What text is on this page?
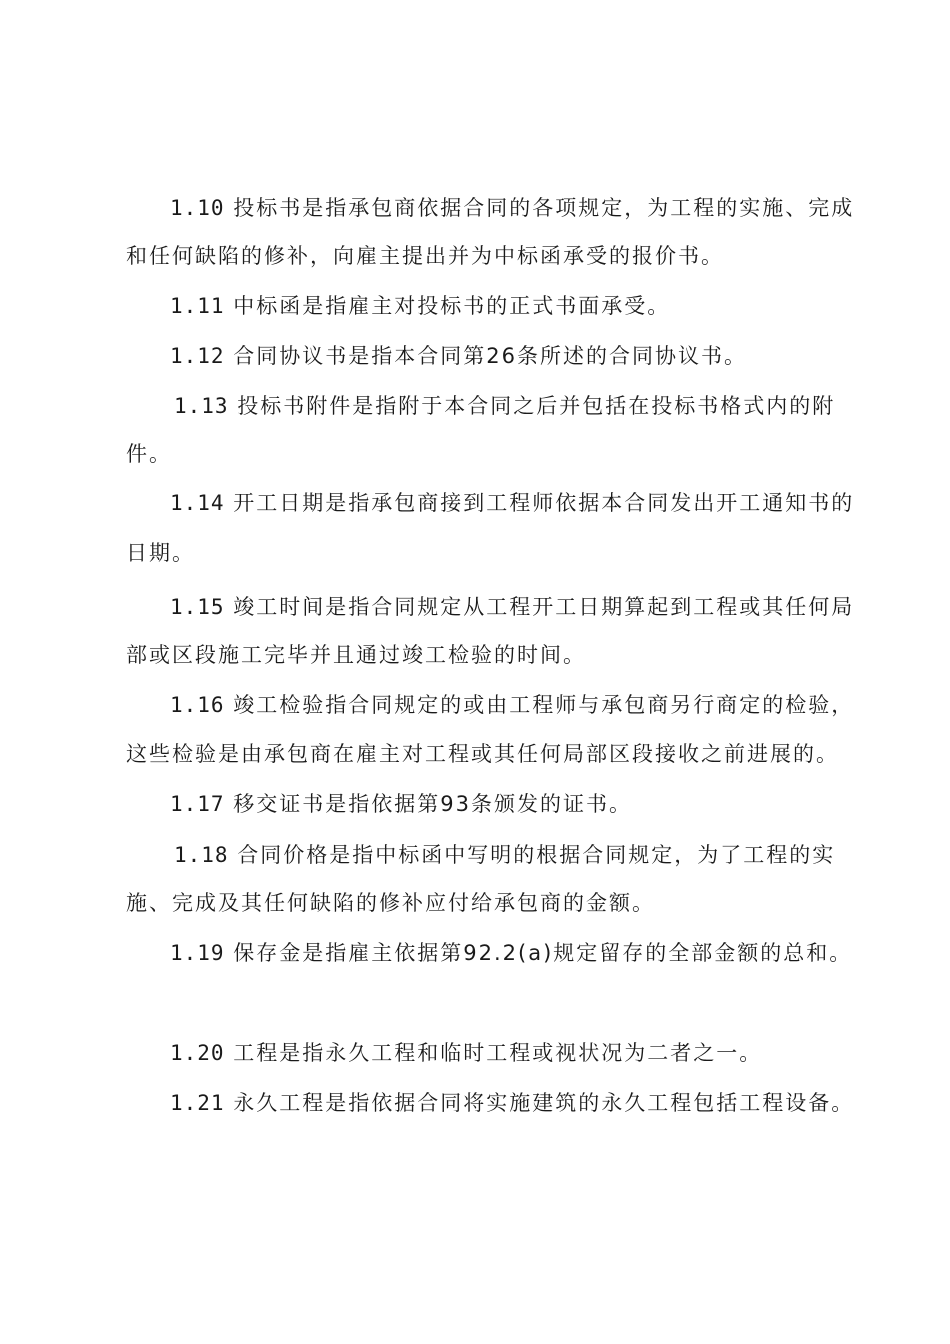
1.10 投标书是指承包商依据合同的各项规定，为工程的实施、完成
和任何缺陷的修补，向雇主提出并为中标函承受的报价书。
1.11 中标函是指雇主对投标书的正式书面承受。
1.12 合同协议书是指本合同第26条所述的合同协议书。
1.13 投标书附件是指附于本合同之后并包括在投标书格式内的附
件。
1.14 开工日期是指承包商接到工程师依据本合同发出开工通知书的
日期。
1.15 竣工时间是指合同规定从工程开工日期算起到工程或其任何局
部或区段施工完毕并且通过竣工检验的时间。
1.16 竣工检验指合同规定的或由工程师与承包商另行商定的检验，
这些检验是由承包商在雇主对工程或其任何局部区段接收之前进展的。
1.17 移交证书是指依据第93条颁发的证书。
1.18 合同价格是指中标函中写明的根据合同规定，为了工程的实
施、完成及其任何缺陷的修补应付给承包商的金额。
1.19 保存金是指雇主依据第92.2(a)规定留存的全部金额的总和。
1.20 工程是指永久工程和临时工程或视状况为二者之一。
1.21 永久工程是指依据合同将实施建筑的永久工程包括工程设备。
